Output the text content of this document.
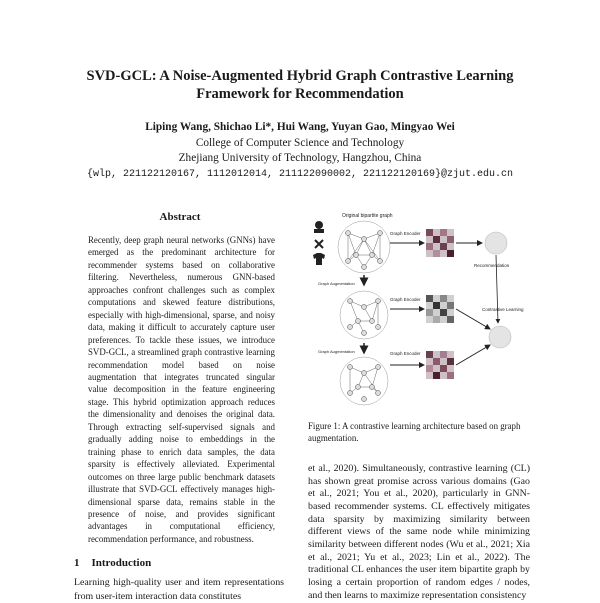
SVD-GCL: A Noise-Augmented Hybrid Graph Contrastive Learning
Framework for Recommendation
Liping Wang, Shichao Li*, Hui Wang, Yuyan Gao, Mingyao Wei
College of Computer Science and Technology
Zhejiang University of Technology, Hangzhou, China
{wlp, 221122120167, 1112012014, 211122090002, 221122120169}@zjut.edu.cn
Abstract
Recently, deep graph neural networks (GNNs) have emerged as the predominant architecture for recommender systems based on collaborative filtering. Nevertheless, numerous GNN-based approaches confront challenges such as complex computations and skewed feature distributions, especially with high-dimensional, sparse, and noisy data, making it difficult to accurately capture user preferences. To tackle these issues, we introduce SVD-GCL, a streamlined graph contrastive learning recommendation model based on noise augmentation that integrates truncated singular value decomposition in the feature engineering stage. This hybrid optimization approach reduces the dimensionality and denoises the original data. Through extracting self-supervised signals and gradually adding noise to embeddings in the training phase to enrich data samples, the data sparsity is effectively alleviated. Experimental outcomes on three large public benchmark datasets illustrate that SVD-GCL effectively manages high-dimensional sparse data, remains stable in the presence of noise, and provides significant advantages in computational efficiency, recommendation performance, and robustness.
1 Introduction
Learning high-quality user and item representations from user-item interaction data constitutes
Original bipartite graph
Graph Augmentation
Graph Augmentation
Graph Encoder
Graph Encoder
Graph Encoder
Recommendation
Contrastive Learning
Figure 1: A contrastive learning architecture based on graph augmentation.
et al., 2020). Simultaneously, contrastive learning (CL) has shown great promise across various domains (Gao et al., 2021; You et al., 2020), particularly in GNN-based recommender systems. CL effectively mitigates data sparsity by maximizing similarity between different views of the same node while minimizing similarity between different nodes (Wu et al., 2021; Xia et al., 2021; Yu et al., 2023; Lin et al., 2022). The traditional CL enhances the user item bipartite graph by losing a certain proportion of random edges / nodes, and then learns to maximize representation consistency
